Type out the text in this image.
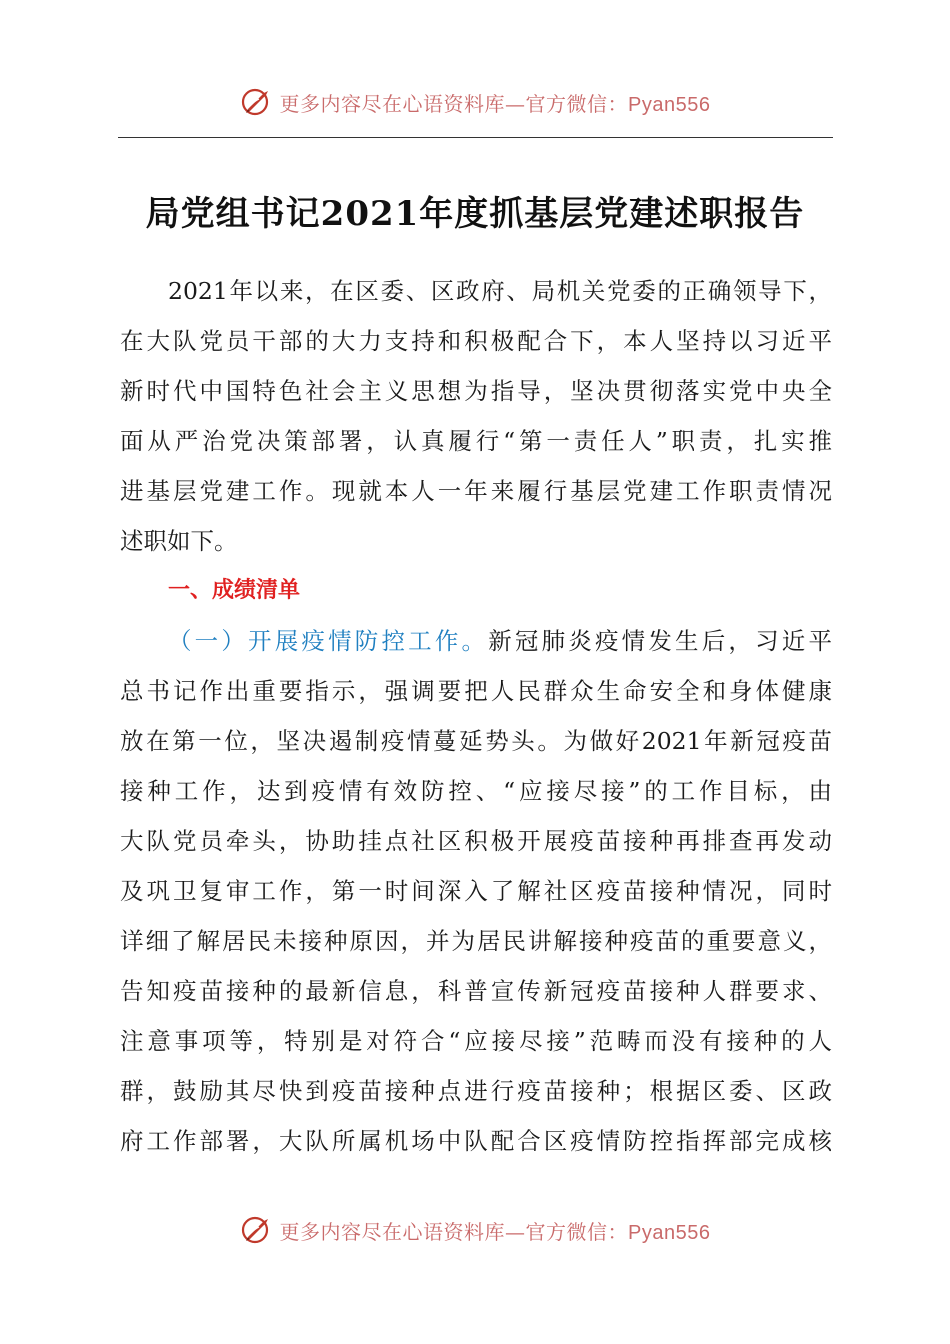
更多内容尽在心语资料库—官方微信：Pyan556
局党组书记2021年度抓基层党建述职报告
2021年以来，在区委、区政府、局机关党委的正确领导下，
在大队党员干部的大力支持和积极配合下，本人坚持以习近平
新时代中国特色社会主义思想为指导，坚决贯彻落实党中央全
面从严治党决策部署，认真履行“第一责任人”职责，扎实推
进基层党建工作。现就本人一年来履行基层党建工作职责情况
述职如下。
一、成绩清单
（一）开展疫情防控工作。新冠肺炎疫情发生后，习近平
总书记作出重要指示，强调要把人民群众生命安全和身体健康
放在第一位，坚决遏制疫情蔓延势头。为做好2021年新冠疫苗
接种工作，达到疫情有效防控、“应接尽接”的工作目标，由
大队党员牵头，协助挂点社区积极开展疫苗接种再排查再发动
及巩卫复审工作，第一时间深入了解社区疫苗接种情况，同时
详细了解居民未接种原因，并为居民讲解接种疫苗的重要意义，
告知疫苗接种的最新信息，科普宣传新冠疫苗接种人群要求、
注意事项等，特别是对符合“应接尽接”范畴而没有接种的人
群，鼓励其尽快到疫苗接种点进行疫苗接种；根据区委、区政
府工作部署，大队所属机场中队配合区疫情防控指挥部完成核
更多内容尽在心语资料库—官方微信：Pyan556
